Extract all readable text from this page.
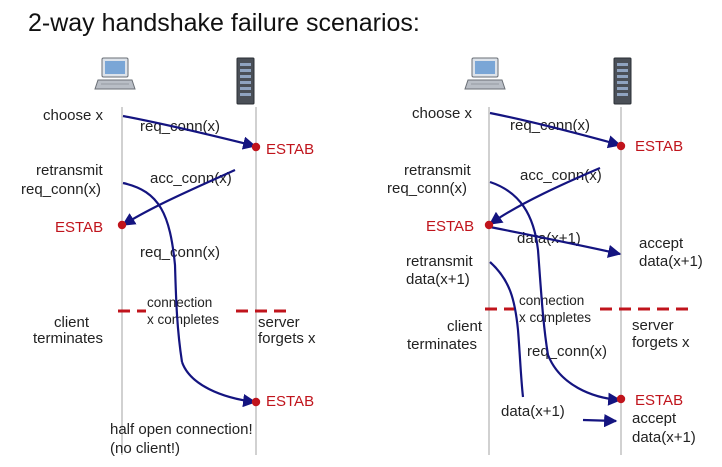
2-way handshake failure scenarios:
choose x
req_conn(x)
ESTAB
retransmit
req_conn(x)
acc_conn(x)
ESTAB
req_conn(x)
connection
x completes
client
terminates
server
forgets x
ESTAB
half open connection!
(no client!)
choose x
req_conn(x)
ESTAB
retransmit
req_conn(x)
acc_conn(x)
ESTAB
data(x+1)	accept
data(x+1)
retransmit
data(x+1)
connection
x completes
client
terminates
server
forgets x
req_conn(x)
ESTAB
data(x+1)	accept
data(x+1)
